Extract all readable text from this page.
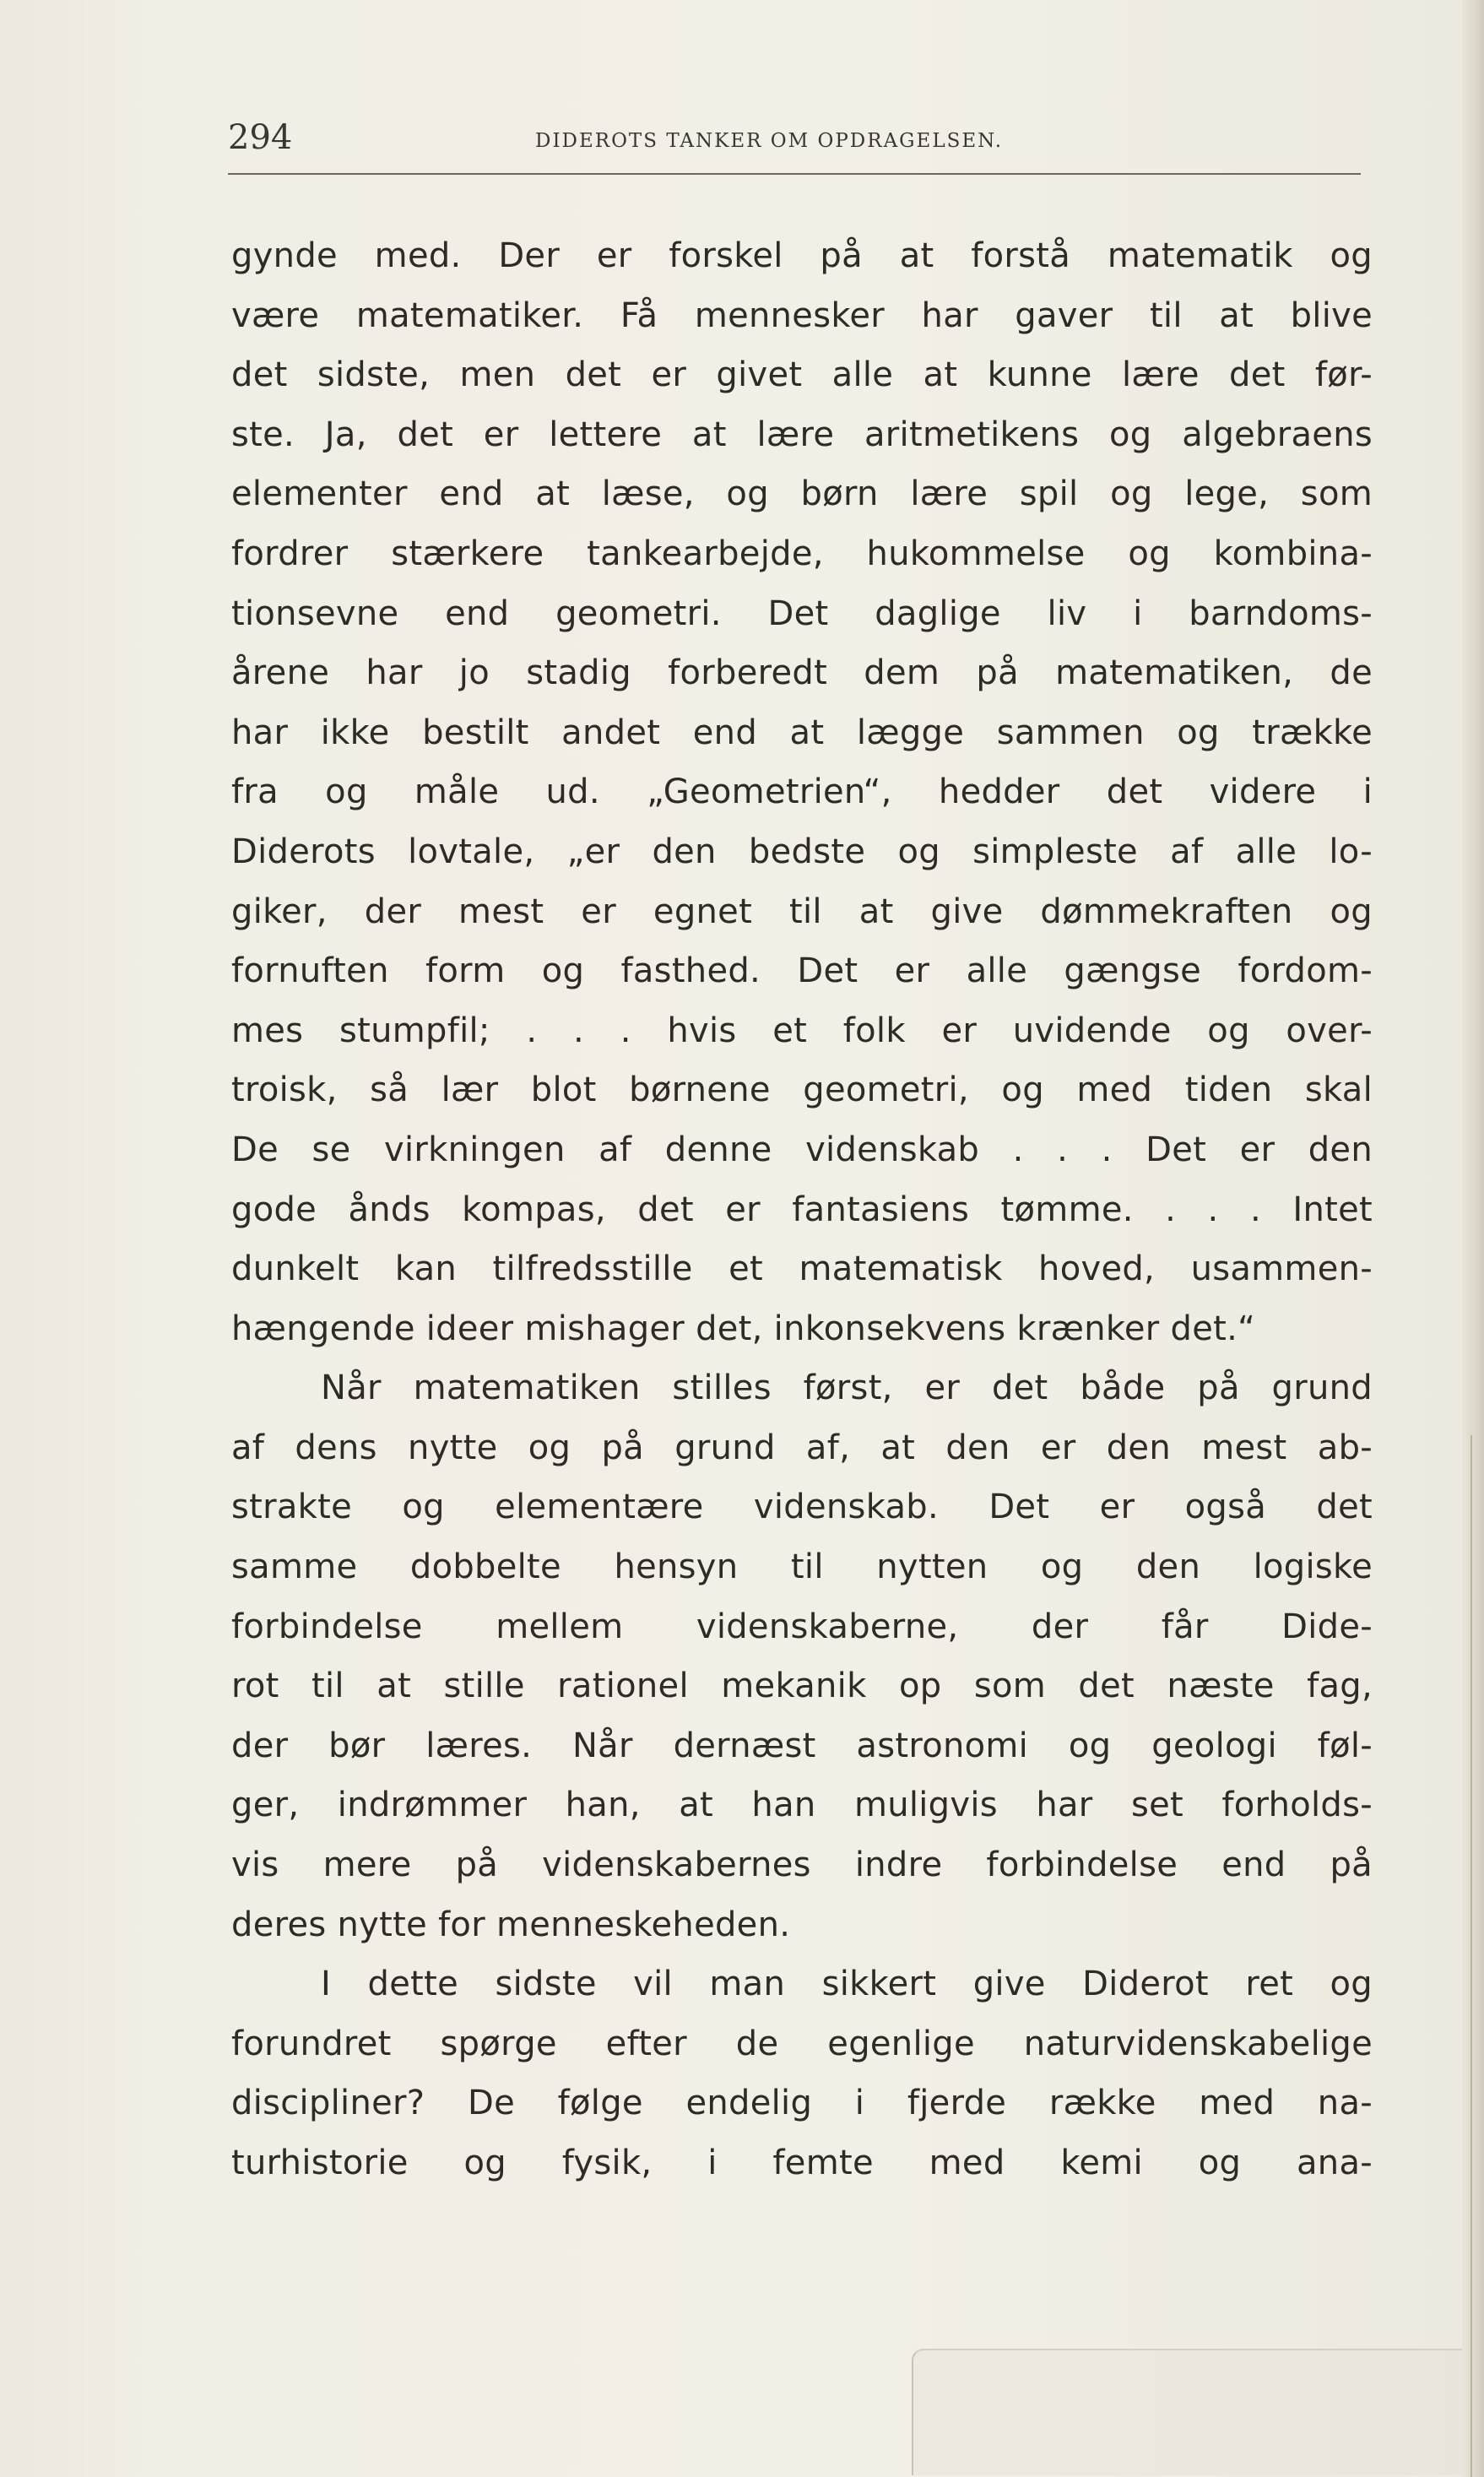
294	DIDEROTS TANKER OM OPDRAGELSEN.
gynde med. Der er forskel på at forstå matematik og
være matematiker. Få mennesker har gaver til at blive
det sidste, men det er givet alle at kunne lære det før-
ste. Ja, det er lettere at lære aritmetikens og algebraens
elementer end at læse, og børn lære spil og lege, som
fordrer stærkere tankearbejde, hukommelse og kombina-
tionsevne end geometri. Det daglige liv i barndoms-
årene har jo stadig forberedt dem på matematiken, de
har ikke bestilt andet end at lægge sammen og trække
fra og måle ud. „Geometrien“, hedder det videre i
Diderots lovtale, „er den bedste og simpleste af alle lo-
giker, der mest er egnet til at give dømmekraften og
fornuften form og fasthed. Det er alle gængse fordom-
mes stumpfil; . . . hvis et folk er uvidende og over-
troisk, så lær blot børnene geometri, og med tiden skal
De se virkningen af denne videnskab . . . Det er den
gode ånds kompas, det er fantasiens tømme. . . . Intet
dunkelt kan tilfredsstille et matematisk hoved, usammen-
hængende ideer mishager det, inkonsekvens krænker det.“
Når matematiken stilles først, er det både på grund
af dens nytte og på grund af, at den er den mest ab-
strakte og elementære videnskab. Det er også det
samme dobbelte hensyn til nytten og den logiske
forbindelse mellem videnskaberne, der får Dide-
rot til at stille rationel mekanik op som det næste fag,
der bør læres. Når dernæst astronomi og geologi føl-
ger, indrømmer han, at han muligvis har set forholds-
vis mere på videnskabernes indre forbindelse end på
deres nytte for menneskeheden.
I dette sidste vil man sikkert give Diderot ret og
forundret spørge efter de egenlige naturvidenskabelige
discipliner? De følge endelig i fjerde række med na-
turhistorie og fysik, i femte med kemi og ana-
